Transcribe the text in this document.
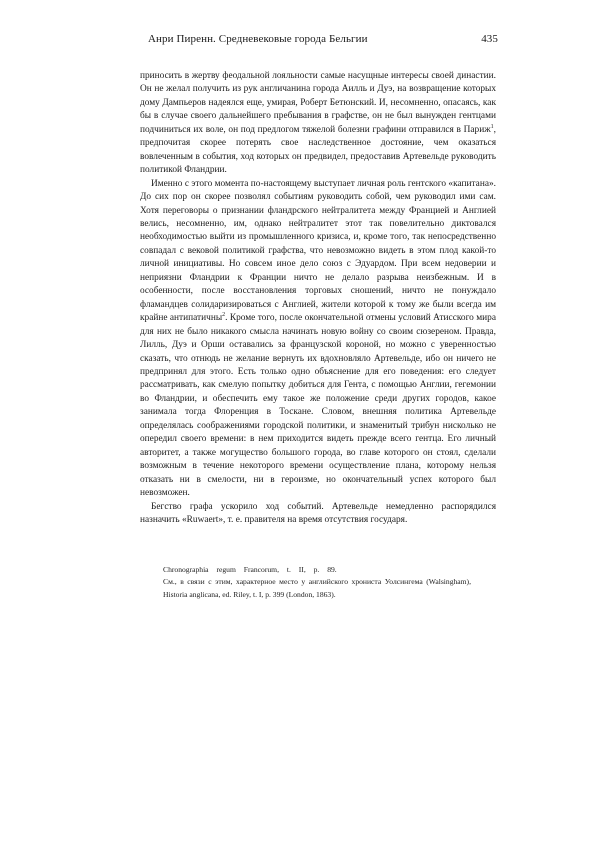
Анри Пиренн. Средневековые города Бельгии	435

приносить в жертву феодальной лояльности самые насущные интересы своей династии. Он не желал получить из рук англичанина города Аилль и Дуэ, на возвращение которых дому Дампьеров надеялся еще, умирая, Роберт Бетюнский. И, несомненно, опасаясь, как бы в случае своего дальнейшего пребывания в графстве, он не был вынужден гентцами подчиниться их воле, он под предлогом тяжелой болезни графини отправился в Париж$^1$, предпочитая скорее потерять свое наследственное достояние, чем оказаться вовлеченным в события, ход которых он предвидел, предоставив Артевельде руководить политикой Фландрии.

Именно с этого момента по-настоящему выступает личная роль гентского «капитана». До сих пор он скорее позволял событиям руководить собой, чем руководил ими сам. Хотя переговоры о признании фландрского нейтралитета между Францией и Англией велись, несомненно, им, однако нейтралитет этот так повелительно диктовался необходимостью выйти из промышленного кризиса, и, кроме того, так непосредственно совпадал с вековой политикой графства, что невозможно видеть в этом плод какой-то личной инициативы. Но совсем иное дело союз с Эдуардом. При всем недоверии и неприязни Фландрии к Франции ничто не делало разрыва неизбежным. И в особенности, после восстановления торговых сношений, ничто не понуждало фламандцев солидаризироваться с Англией, жители которой к тому же были всегда им крайне антипатичны$^2$. Кроме того, после окончательной отмены условий Атисского мира для них не было никакого смысла начинать новую войну со своим сюзереном. Правда, Лилль, Дуэ и Орши оставались за французской короной, но можно с уверенностью сказать, что отнюдь не желание вернуть их вдохновляло Артевельде, ибо он ничего не предпринял для этого. Есть только одно объяснение для его поведения: его следует рассматривать, как смелую попытку добиться для Гента, с помощью Англии, гегемонии во Фландрии, и обеспечить ему такое же положение среди других городов, какое занимала тогда Флоренция в Тоскане. Словом, внешняя политика Артевельде определялась соображениями городской политики, и знаменитый трибун нисколько не опередил своего времени: в нем приходится видеть прежде всего гентца. Его личный авторитет, а также могущество большого города, во главе которого он стоял, сделали возможным в течение некоторого времени осуществление плана, которому нельзя отказать ни в смелости, ни в героизме, но окончательный успех которого был невозможен.

Бегство графа ускорило ход событий. Артевельде немедленно распорядился назначить «Ruwaert», т. е. правителя на время отсутствия государя.

Chronographia regum Francorum, t. II, p. 89.

См., в связи с этим, характерное место у английского хрониста Уолсингема (Walsingham), Historia anglicana, ed. Riley, t. I, p. 399 (London, 1863).
